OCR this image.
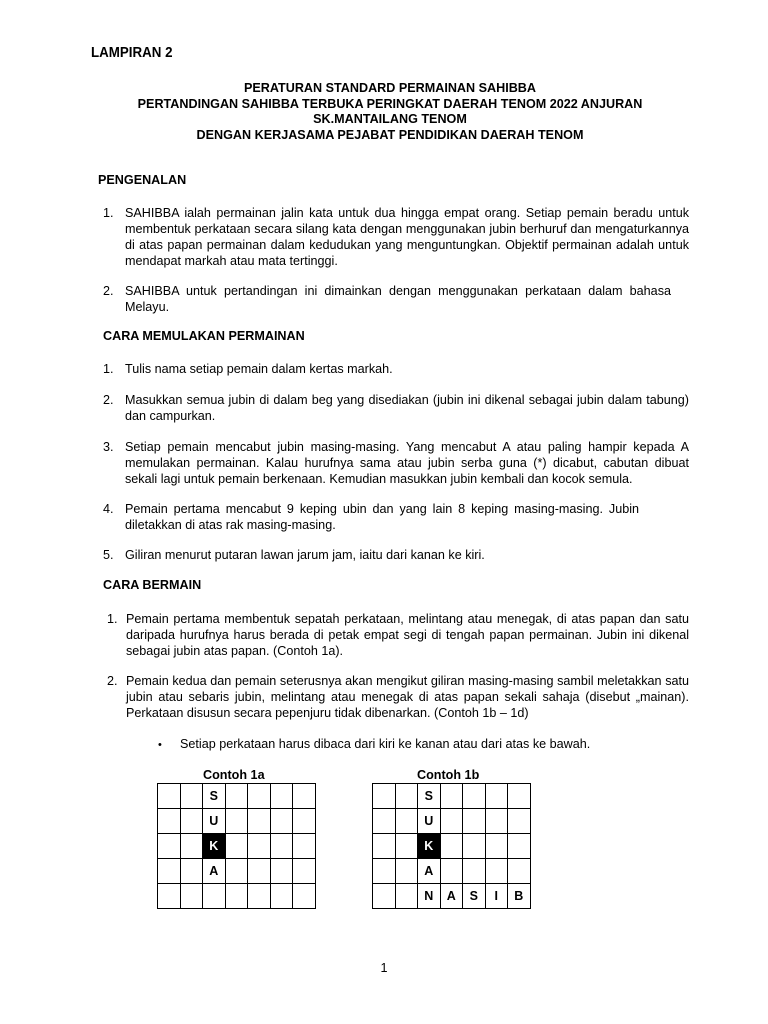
LAMPIRAN 2
PERATURAN STANDARD PERMAINAN SAHIBBA
PERTANDINGAN SAHIBBA TERBUKA PERINGKAT DAERAH TENOM 2022 ANJURAN
SK.MANTAILANG TENOM
DENGAN KERJASAMA PEJABAT PENDIDIKAN DAERAH TENOM
PENGENALAN
1. SAHIBBA ialah permainan jalin kata untuk dua hingga empat orang. Setiap pemain beradu untuk membentuk perkataan secara silang kata dengan menggunakan jubin berhuruf dan mengaturkannya di atas papan permainan dalam kedudukan yang menguntungkan. Objektif permainan adalah untuk mendapat markah atau mata tertinggi.
2. SAHIBBA untuk pertandingan ini dimainkan dengan menggunakan perkataan dalam bahasa Melayu.
CARA MEMULAKAN PERMAINAN
1. Tulis nama setiap pemain dalam kertas markah.
2. Masukkan semua jubin di dalam beg yang disediakan (jubin ini dikenal sebagai jubin dalam tabung) dan campurkan.
3. Setiap pemain mencabut jubin masing-masing. Yang mencabut A atau paling hampir kepada A memulakan permainan. Kalau hurufnya sama atau jubin serba guna (*) dicabut, cabutan dibuat sekali lagi untuk pemain berkenaan. Kemudian masukkan jubin kembali dan kocok semula.
4. Pemain pertama mencabut 9 keping ubin dan yang lain 8 keping masing-masing. Jubin diletakkan di atas rak masing-masing.
5. Giliran menurut putaran lawan jarum jam, iaitu dari kanan ke kiri.
CARA BERMAIN
1. Pemain pertama membentuk sepatah perkataan, melintang atau menegak, di atas papan dan satu daripada hurufnya harus berada di petak empat segi di tengah papan permainan. Jubin ini dikenal sebagai jubin atas papan. (Contoh 1a).
2. Pemain kedua dan pemain seterusnya akan mengikut giliran masing-masing sambil meletakkan satu jubin atau sebaris jubin, melintang atau menegak di atas papan sekali sahaja (disebut „mainan). Perkataan disusun secara pepenjuru tidak dibenarkan. (Contoh 1b – 1d)
• Setiap perkataan harus dibaca dari kiri ke kanan atau dari atas ke bawah.
Contoh 1a
		S				
		U				
		K				
		A				

Contoh 1b
		S				
		U				
		K				
		A				
		N	A	S	I	B
1
